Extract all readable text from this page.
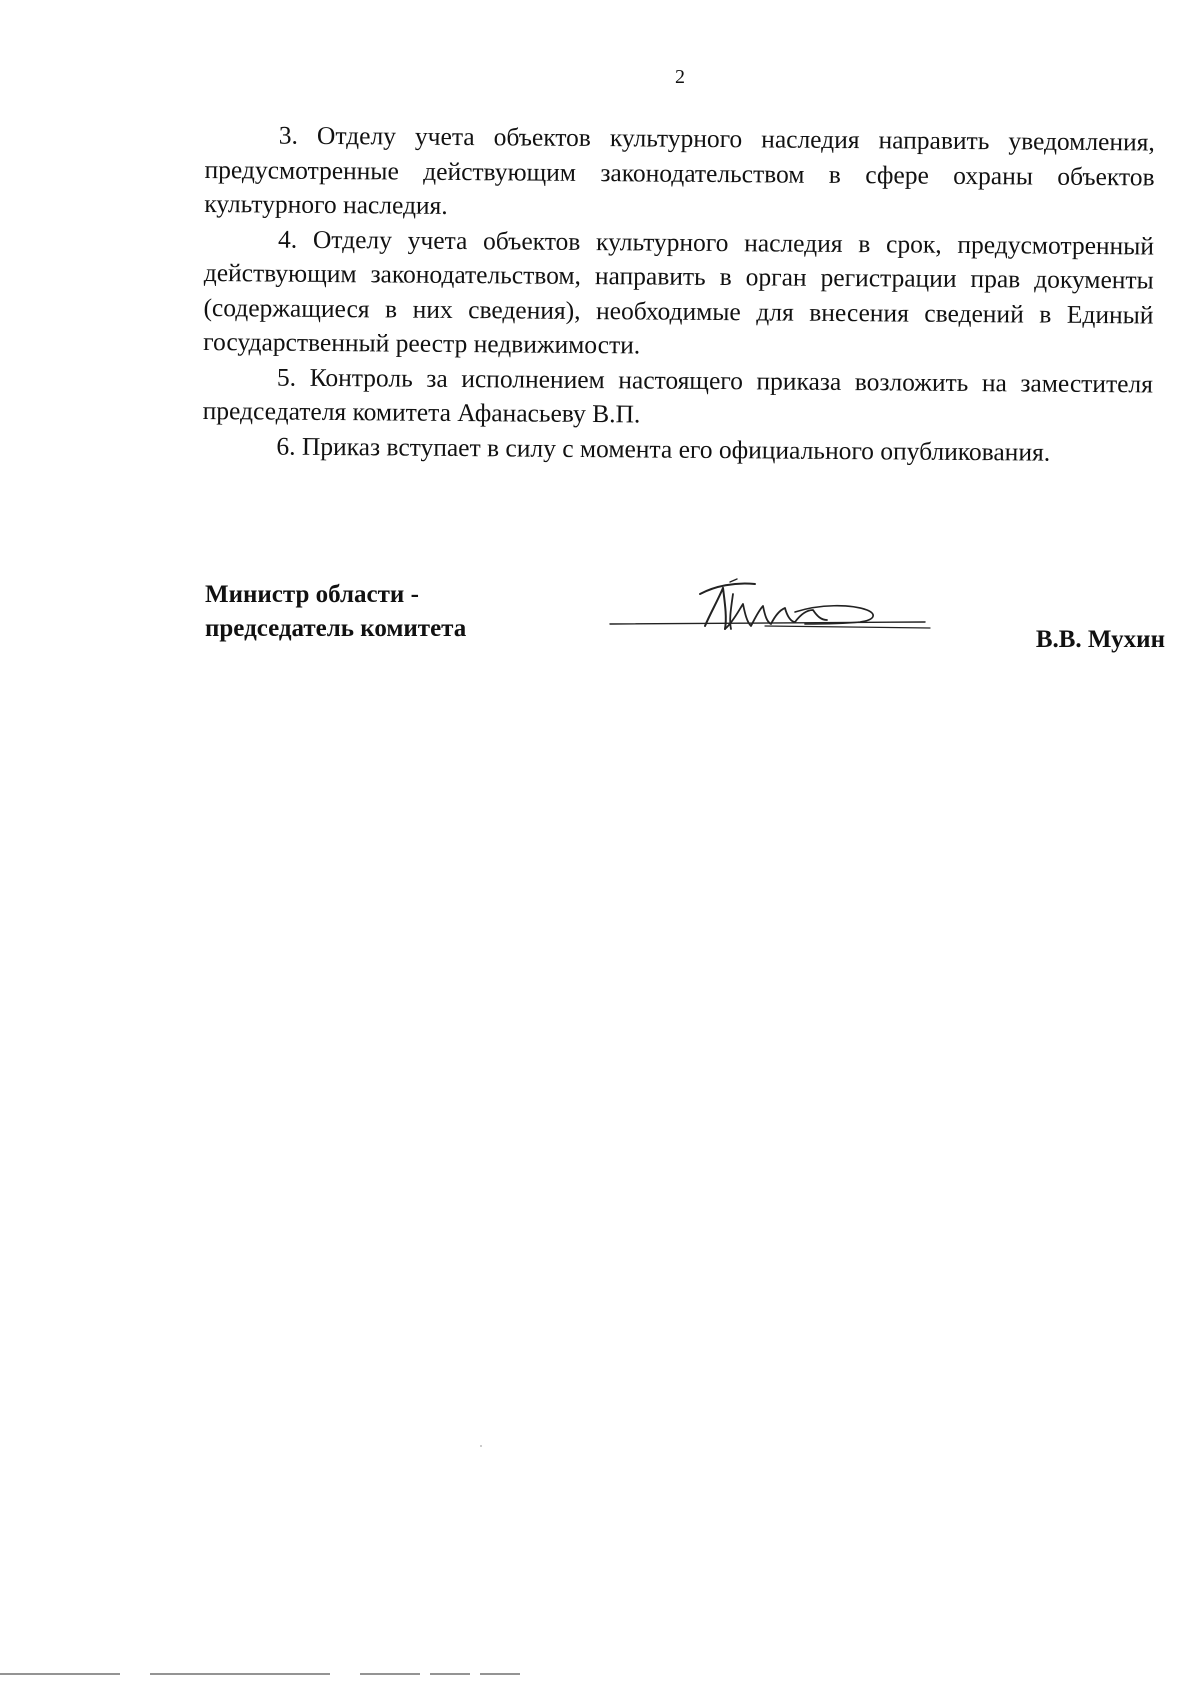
2

3. Отделу учета объектов культурного наследия направить уведомления, предусмотренные действующим законодательством в сфере охраны объектов культурного наследия.

4. Отделу учета объектов культурного наследия в срок, предусмотренный действующим законодательством, направить в орган регистрации прав документы (содержащиеся в них сведения), необходимые для внесения сведений в Единый государственный реестр недвижимости.

5. Контроль за исполнением настоящего приказа возложить на заместителя председателя комитета Афанасьеву В.П.

6. Приказ вступает в силу с момента его официального опубликования.

Министр области -
председатель комитета	В.В. Мухин
